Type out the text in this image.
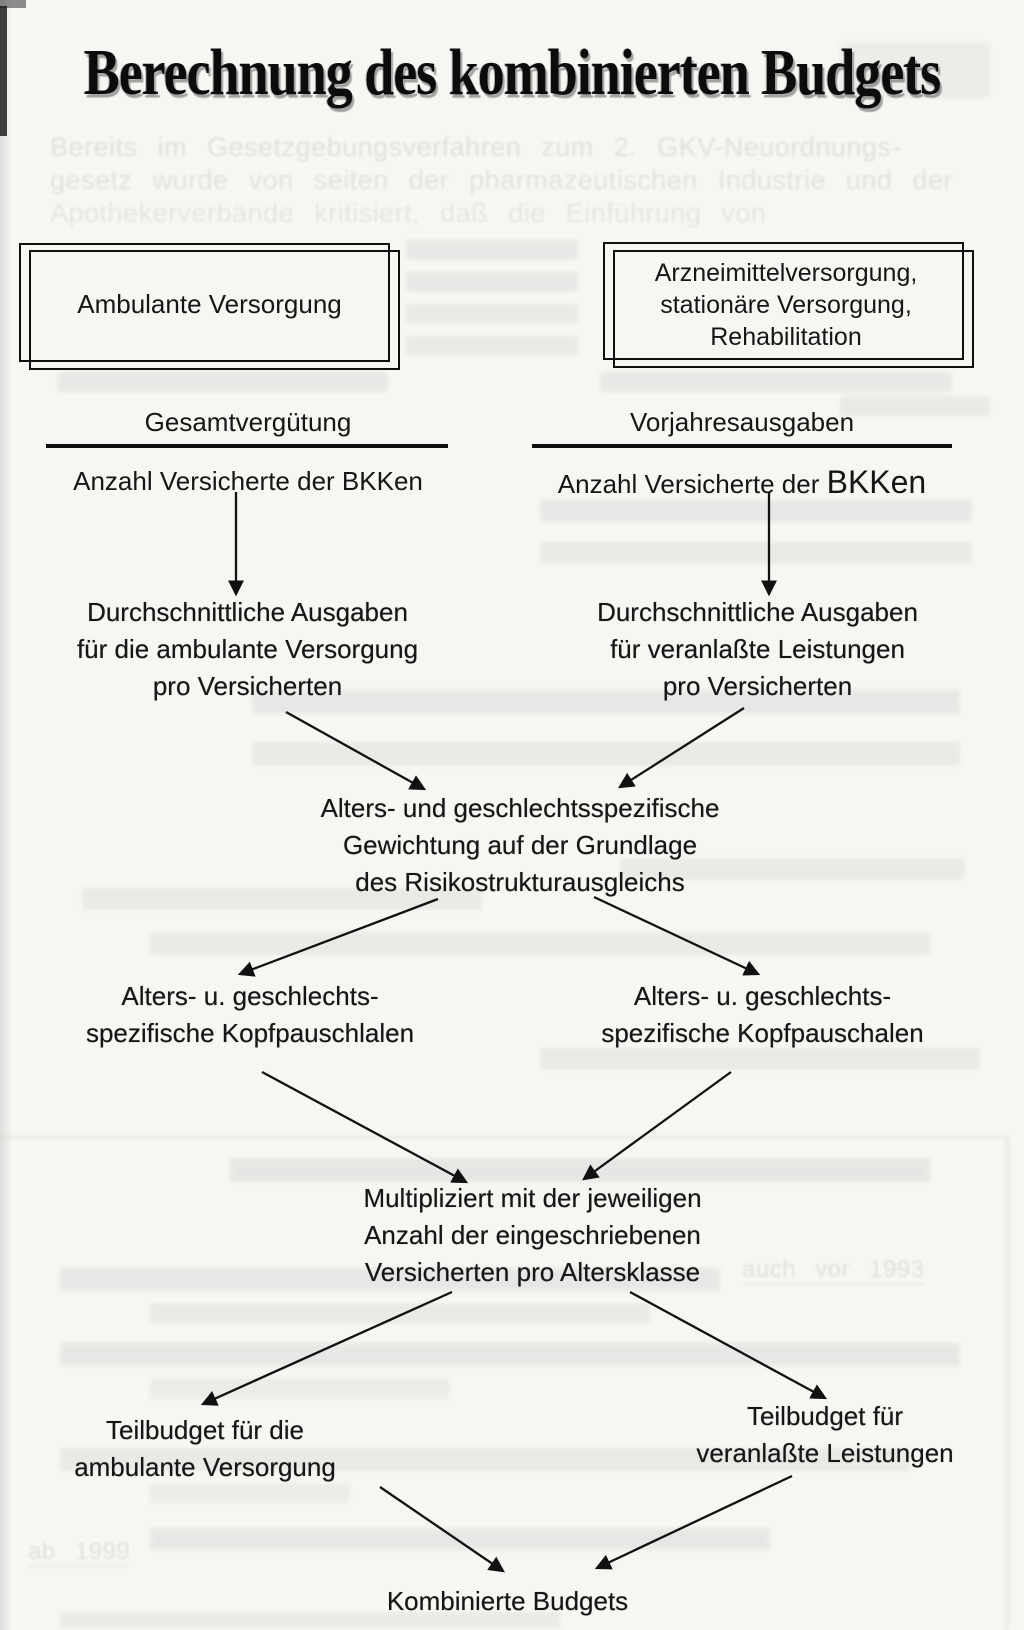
Bereits im Gesetzgebungsverfahren zum 2. GKV-Neuordnungs-
gesetz wurde von seiten der pharmazeutischen Industrie und der
Apothekerverbände kritisiert, daß die Einführung von
auch vor 1993
ab 1999
Berechnung des kombinierten Budgets
Ambulante Versorgung
Arzneimittelversorgung,
stationäre Versorgung,
Rehabilitation
Gesamtvergütung
Anzahl Versicherte der BKKen
Vorjahresausgaben
Anzahl Versicherte der BKKen
Durchschnittliche Ausgaben
für die ambulante Versorgung
pro Versicherten
Durchschnittliche Ausgaben
für veranlaßte Leistungen
pro Versicherten
Alters- und geschlechtsspezifische
Gewichtung auf der Grundlage
des Risikostrukturausgleichs
Alters- u. geschlechts-
spezifische Kopfpauschlalen
Alters- u. geschlechts-
spezifische Kopfpauschalen
Multipliziert mit der jeweiligen
Anzahl der eingeschriebenen
Versicherten pro Altersklasse
Teilbudget für die
ambulante Versorgung
Teilbudget für
veranlaßte Leistungen
Kombinierte Budgets
